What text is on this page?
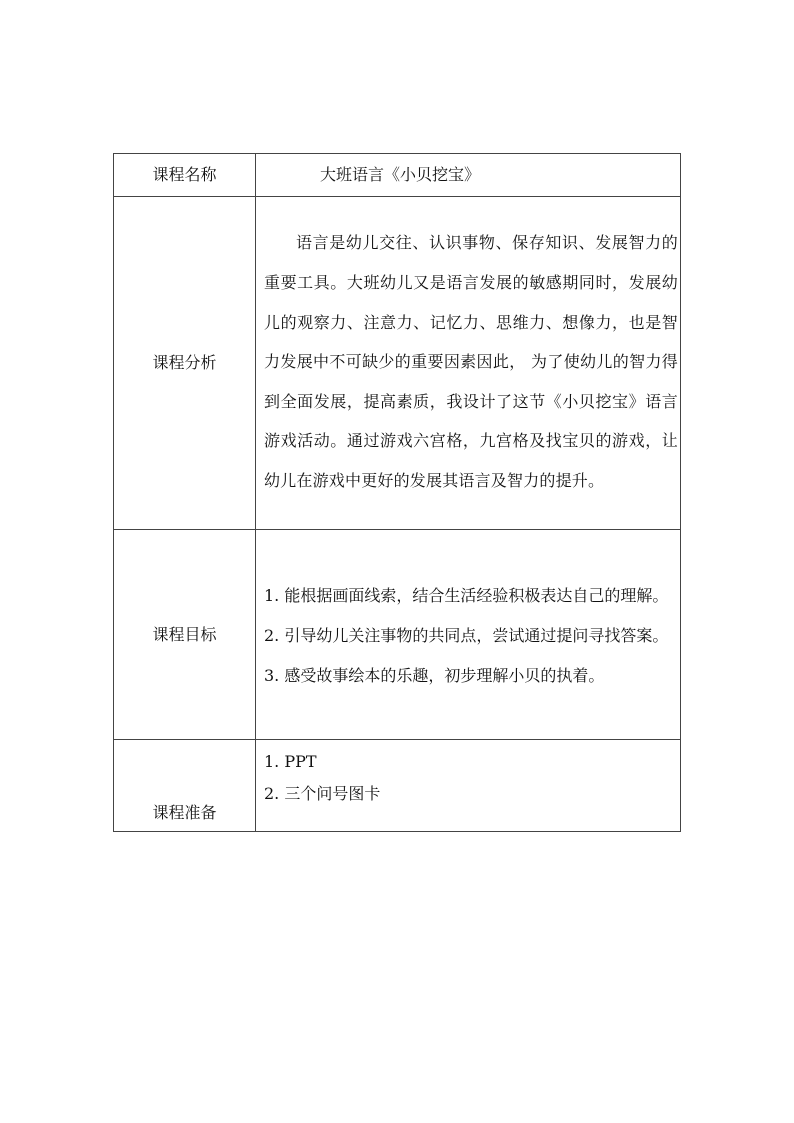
课程名称	大班语言《小贝挖宝》

课程分析	语言是幼儿交往、认识事物、保存知识、发展智力的重要工具。大班幼儿又是语言发展的敏感期同时，发展幼儿的观察力、注意力、记忆力、思维力、想像力，也是智力发展中不可缺少的重要因素因此， 为了使幼儿的智力得到全面发展，提高素质，我设计了这节《小贝挖宝》语言游戏活动。通过游戏六宫格，九宫格及找宝贝的游戏，让幼儿在游戏中更好的发展其语言及智力的提升。

课程目标	1. 能根据画面线索，结合生活经验积极表达自己的理解。
2. 引导幼儿关注事物的共同点，尝试通过提问寻找答案。
3. 感受故事绘本的乐趣，初步理解小贝的执着。

课程准备	1. PPT
2. 三个问号图卡
